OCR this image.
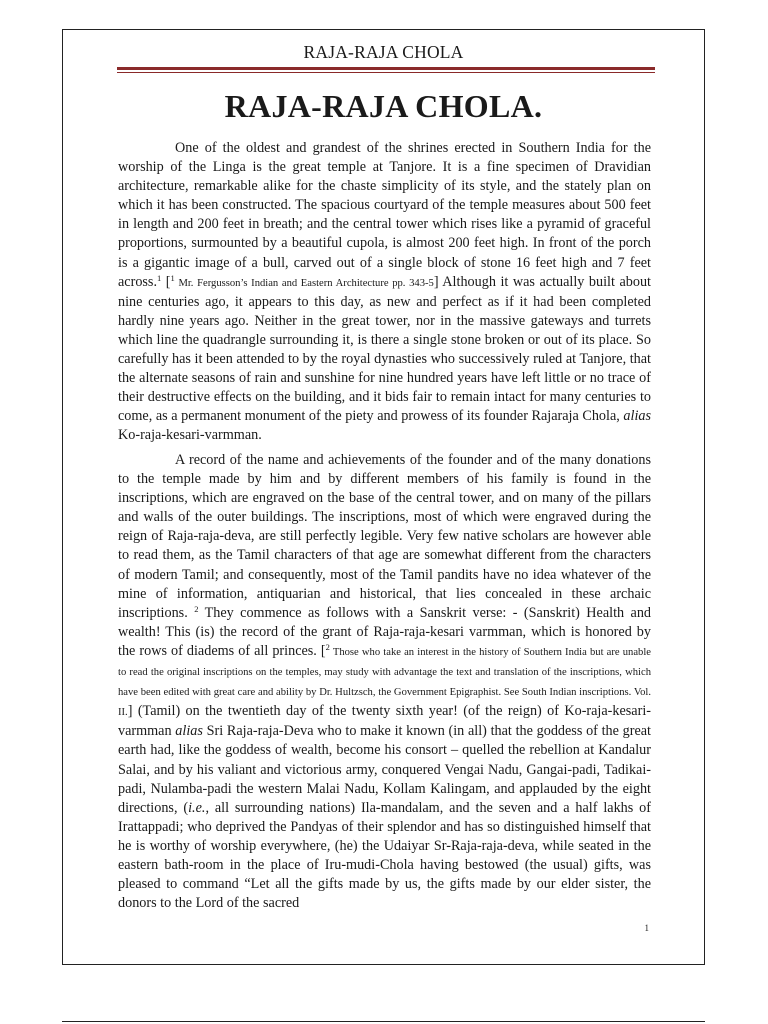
RAJA-RAJA CHOLA
RAJA-RAJA CHOLA.

One of the oldest and grandest of the shrines erected in Southern India for the worship of the Linga is the great temple at Tanjore. It is a fine specimen of Dravidian architecture, remarkable alike for the chaste simplicity of its style, and the stately plan on which it has been constructed. The spacious courtyard of the temple measures about 500 feet in length and 200 feet in breath; and the central tower which rises like a pyramid of graceful proportions, surmounted by a beautiful cupola, is almost 200 feet high. In front of the porch is a gigantic image of a bull, carved out of a single block of stone 16 feet high and 7 feet across.$^1$ [$^1$ Mr. Fergusson’s Indian and Eastern Architecture pp. 343-5] Although it was actually built about nine centuries ago, it appears to this day, as new and perfect as if it had been completed hardly nine years ago. Neither in the great tower, nor in the massive gateways and turrets which line the quadrangle surrounding it, is there a single stone broken or out of its place. So carefully has it been attended to by the royal dynasties who successively ruled at Tanjore, that the alternate seasons of rain and sunshine for nine hundred years have left little or no trace of their destructive effects on the building, and it bids fair to remain intact for many centuries to come, as a permanent monument of the piety and prowess of its founder Rajaraja Chola, alias Ko-raja-kesari-varmman.

A record of the name and achievements of the founder and of the many donations to the temple made by him and by different members of his family is found in the inscriptions, which are engraved on the base of the central tower, and on many of the pillars and walls of the outer buildings. The inscriptions, most of which were engraved during the reign of Raja-raja-deva, are still perfectly legible. Very few native scholars are however able to read them, as the Tamil characters of that age are somewhat different from the characters of modern Tamil; and consequently, most of the Tamil pandits have no idea whatever of the mine of information, antiquarian and historical, that lies concealed in these archaic inscriptions. $^2$ They commence as follows with a Sanskrit verse: - (Sanskrit) Health and wealth! This (is) the record of the grant of Raja-raja-kesari varmman, which is honored by the rows of diadems of all princes. [$^2$ Those who take an interest in the history of Southern India but are unable to read the original inscriptions on the temples, may study with advantage the text and translation of the inscriptions, which have been edited with great care and ability by Dr. Hultzsch, the Government Epigraphist. See South Indian inscriptions. Vol. II.] (Tamil) on the twentieth day of the twenty sixth year! (of the reign) of Ko-raja-kesari-varmman alias Sri Raja-raja-Deva who to make it known (in all) that the goddess of the great earth had, like the goddess of wealth, become his consort – quelled the rebellion at Kandalur Salai, and by his valiant and victorious army, conquered Vengai Nadu, Gangai-padi, Tadikai-padi, Nulamba-padi the western Malai Nadu, Kollam Kalingam, and applauded by the eight directions, (i.e., all surrounding nations) Ila-mandalam, and the seven and a half lakhs of Irattappadi; who deprived the Pandyas of their splendor and has so distinguished himself that he is worthy of worship everywhere, (he) the Udaiyar Sr-Raja-raja-deva, while seated in the eastern bath-room in the place of Iru-mudi-Chola having bestowed (the usual) gifts, was pleased to command “Let all the gifts made by us, the gifts made by our elder sister, the donors to the Lord of the sacred

1
